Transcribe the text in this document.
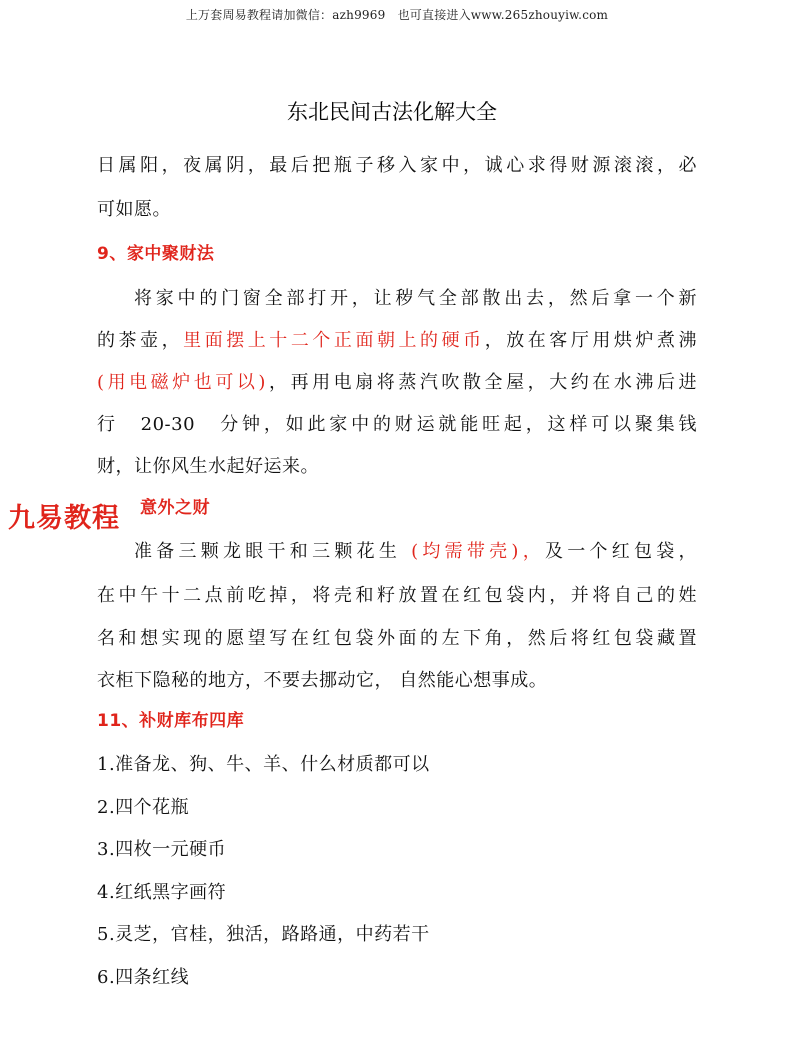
上万套周易教程请加微信：azh9969　也可直接进入www.265zhouyiw.com
东北民间古法化解大全
日属阳，夜属阴，最后把瓶子移入家中，诚心求得财源滚滚，必
可如愿。
9、家中聚财法
将家中的门窗全部打开，让秽气全部散出去，然后拿一个新
的茶壶，里面摆上十二个正面朝上的硬币，放在客厅用烘炉煮沸
(用电磁炉也可以)，再用电扇将蒸汽吹散全屋，大约在水沸后进
行　20-30　分钟，如此家中的财运就能旺起，这样可以聚集钱
财，让你风生水起好运来。
意外之财
准备三颗龙眼干和三颗花生 (均需带壳)，及一个红包袋，
在中午十二点前吃掉，将壳和籽放置在红包袋内，并将自己的姓
名和想实现的愿望写在红包袋外面的左下角，然后将红包袋藏置
衣柜下隐秘的地方，不要去挪动它， 自然能心想事成。
11、补财库布四库
1.准备龙、狗、牛、羊、什么材质都可以
2.四个花瓶
3.四枚一元硬币
4.红纸黑字画符
5.灵芝，官桂，独活，路路通，中药若干
6.四条红线
九易教程
